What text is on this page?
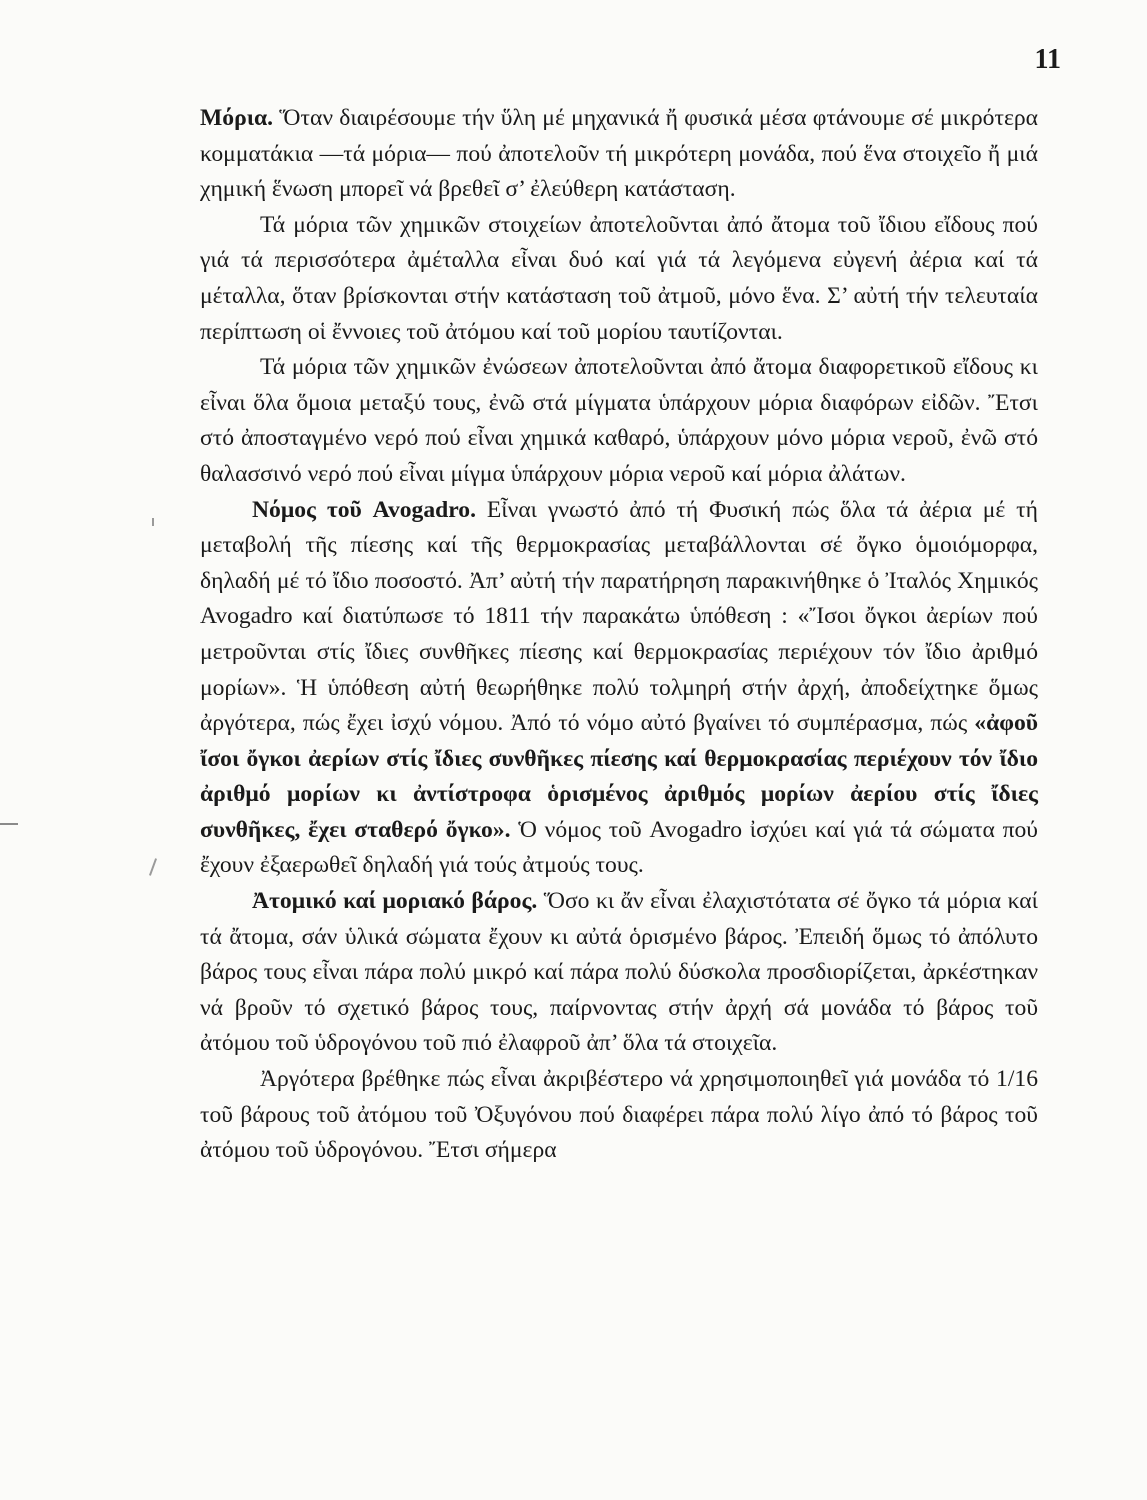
11

Μόρια. Ὅταν διαιρέσουμε τήν ὕλη μέ μηχανικά ἤ φυσικά μέσα φτάνουμε σέ μικρότερα κομματάκια —τά μόρια— πού ἀποτελοῦν τή μικρότερη μονάδα, πού ἕνα στοιχεῖο ἤ μιά χημική ἕνωση μπορεῖ νά βρεθεῖ σ’ ἐλεύθερη κατάσταση.

Τά μόρια τῶν χημικῶν στοιχείων ἀποτελοῦνται ἀπό ἄτομα τοῦ ἴδιου εἴδους πού γιά τά περισσότερα ἀμέταλλα εἶναι δυό καί γιά τά λεγόμενα εὐγενή ἀέρια καί τά μέταλλα, ὅταν βρίσκονται στήν κατάσταση τοῦ ἀτμοῦ, μόνο ἕνα. Σ’ αὐτή τήν τελευταία περίπτωση οἱ ἔννοιες τοῦ ἀτόμου καί τοῦ μορίου ταυτίζονται.

Τά μόρια τῶν χημικῶν ἐνώσεων ἀποτελοῦνται ἀπό ἄτομα διαφορετικοῦ εἴδους κι εἶναι ὅλα ὅμοια μεταξύ τους, ἐνῶ στά μίγματα ὑπάρχουν μόρια διαφόρων εἰδῶν. Ἔτσι στό ἀποσταγμένο νερό πού εἶναι χημικά καθαρό, ὑπάρχουν μόνο μόρια νεροῦ, ἐνῶ στό θαλασσινό νερό πού εἶναι μίγμα ὑπάρχουν μόρια νεροῦ καί μόρια ἀλάτων.

Νόμος τοῦ Avogadro. Εἶναι γνωστό ἀπό τή Φυσική πώς ὅλα τά ἀέρια μέ τή μεταβολή τῆς πίεσης καί τῆς θερμοκρασίας μεταβάλλονται σέ ὄγκο ὁμοιόμορφα, δηλαδή μέ τό ἴδιο ποσοστό. Ἀπ’ αὐτή τήν παρατήρηση παρακινήθηκε ὁ Ἰταλός Χημικός Avogadro καί διατύπωσε τό 1811 τήν παρακάτω ὑπόθεση : «Ἴσοι ὄγκοι ἀερίων πού μετροῦνται στίς ἴδιες συνθῆκες πίεσης καί θερμοκρασίας περιέχουν τόν ἴδιο ἀριθμό μορίων». Ἡ ὑπόθεση αὐτή θεωρήθηκε πολύ τολμηρή στήν ἀρχή, ἀποδείχτηκε ὅμως ἀργότερα, πώς ἔχει ἰσχύ νόμου. Ἀπό τό νόμο αὐτό βγαίνει τό συμπέρασμα, πώς «ἀφοῦ ἴσοι ὄγκοι ἀερίων στίς ἴδιες συνθῆκες πίεσης καί θερμοκρασίας περιέχουν τόν ἴδιο ἀριθμό μορίων κι ἀντίστροφα ὁρισμένος ἀριθμός μορίων ἀερίου στίς ἴδιες συνθῆκες, ἔχει σταθερό ὄγκο». Ὁ νόμος τοῦ Avogadro ἰσχύει καί γιά τά σώματα πού ἔχουν ἐξαερωθεῖ δηλαδή γιά τούς ἀτμούς τους.

Ἀτομικό καί μοριακό βάρος. Ὅσο κι ἄν εἶναι ἐλαχιστότατα σέ ὄγκο τά μόρια καί τά ἄτομα, σάν ὑλικά σώματα ἔχουν κι αὐτά ὁρισμένο βάρος. Ἐπειδή ὅμως τό ἀπόλυτο βάρος τους εἶναι πάρα πολύ μικρό καί πάρα πολύ δύσκολα προσδιορίζεται, ἀρκέστηκαν νά βροῦν τό σχετικό βάρος τους, παίρνοντας στήν ἀρχή σά μονάδα τό βάρος τοῦ ἀτόμου τοῦ ὑδρογόνου τοῦ πιό ἐλαφροῦ ἀπ’ ὅλα τά στοιχεῖα.

Ἀργότερα βρέθηκε πώς εἶναι ἀκριβέστερο νά χρησιμοποιηθεῖ γιά μονάδα τό 1/16 τοῦ βάρους τοῦ ἀτόμου τοῦ Ὀξυγόνου πού διαφέρει πάρα πολύ λίγο ἀπό τό βάρος τοῦ ἀτόμου τοῦ ὑδρογόνου. Ἔτσι σήμερα
